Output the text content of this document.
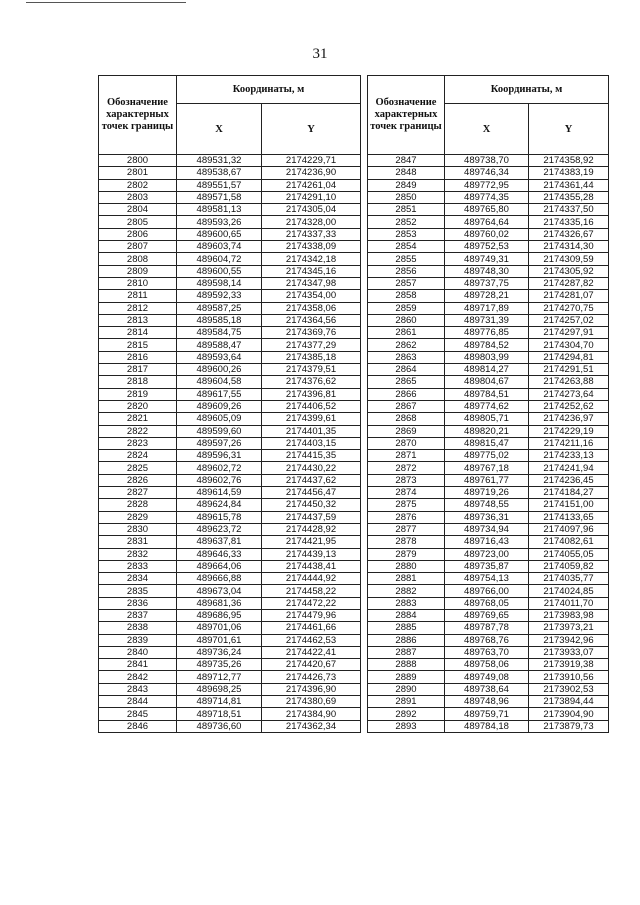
31
Обозначение характерных точек границы	Координаты, м	
	X	Y
2800	489531,32	2174229,71
2801	489538,67	2174236,90
2802	489551,57	2174261,04
2803	489571,58	2174291,10
2804	489581,13	2174305,04
2805	489593,26	2174328,00
2806	489600,65	2174337,33
2807	489603,74	2174338,09
2808	489604,72	2174342,18
2809	489600,55	2174345,16
2810	489598,14	2174347,98
2811	489592,33	2174354,00
2812	489587,25	2174358,06
2813	489585,18	2174364,56
2814	489584,75	2174369,76
2815	489588,47	2174377,29
2816	489593,64	2174385,18
2817	489600,26	2174379,51
2818	489604,58	2174376,62
2819	489617,55	2174396,81
2820	489609,26	2174406,52
2821	489605,09	2174399,61
2822	489599,60	2174401,35
2823	489597,26	2174403,15
2824	489596,31	2174415,35
2825	489602,72	2174430,22
2826	489602,76	2174437,62
2827	489614,59	2174456,47
2828	489624,84	2174450,32
2829	489615,78	2174437,59
2830	489623,72	2174428,92
2831	489637,81	2174421,95
2832	489646,33	2174439,13
2833	489664,06	2174438,41
2834	489666,88	2174444,92
2835	489673,04	2174458,22
2836	489681,36	2174472,22
2837	489686,95	2174479,96
2838	489701,06	2174461,66
2839	489701,61	2174462,53
2840	489736,24	2174422,41
2841	489735,26	2174420,67
2842	489712,77	2174426,73
2843	489698,25	2174396,90
2844	489714,81	2174380,69
2845	489718,51	2174384,90
2846	489736,60	2174362,34
Обозначение характерных точек границы	Координаты, м	
	X	Y
2847	489738,70	2174358,92
2848	489746,34	2174383,19
2849	489772,95	2174361,44
2850	489774,35	2174355,28
2851	489765,80	2174337,50
2852	489764,64	2174335,16
2853	489760,02	2174326,67
2854	489752,53	2174314,30
2855	489749,31	2174309,59
2856	489748,30	2174305,92
2857	489737,75	2174287,82
2858	489728,21	2174281,07
2859	489717,89	2174270,75
2860	489731,39	2174257,02
2861	489776,85	2174297,91
2862	489784,52	2174304,70
2863	489803,99	2174294,81
2864	489814,27	2174291,51
2865	489804,67	2174263,88
2866	489784,51	2174273,64
2867	489774,62	2174252,62
2868	489805,71	2174236,97
2869	489820,21	2174229,19
2870	489815,47	2174211,16
2871	489775,02	2174233,13
2872	489767,18	2174241,94
2873	489761,77	2174236,45
2874	489719,26	2174184,27
2875	489748,55	2174151,00
2876	489736,31	2174133,65
2877	489734,94	2174097,96
2878	489716,43	2174082,61
2879	489723,00	2174055,05
2880	489735,87	2174059,82
2881	489754,13	2174035,77
2882	489766,00	2174024,85
2883	489768,05	2174011,70
2884	489769,65	2173983,98
2885	489787,78	2173973,21
2886	489768,76	2173942,96
2887	489763,70	2173933,07
2888	489758,06	2173919,38
2889	489749,08	2173910,56
2890	489738,64	2173902,53
2891	489748,96	2173894,44
2892	489759,71	2173904,90
2893	489784,18	2173879,73
